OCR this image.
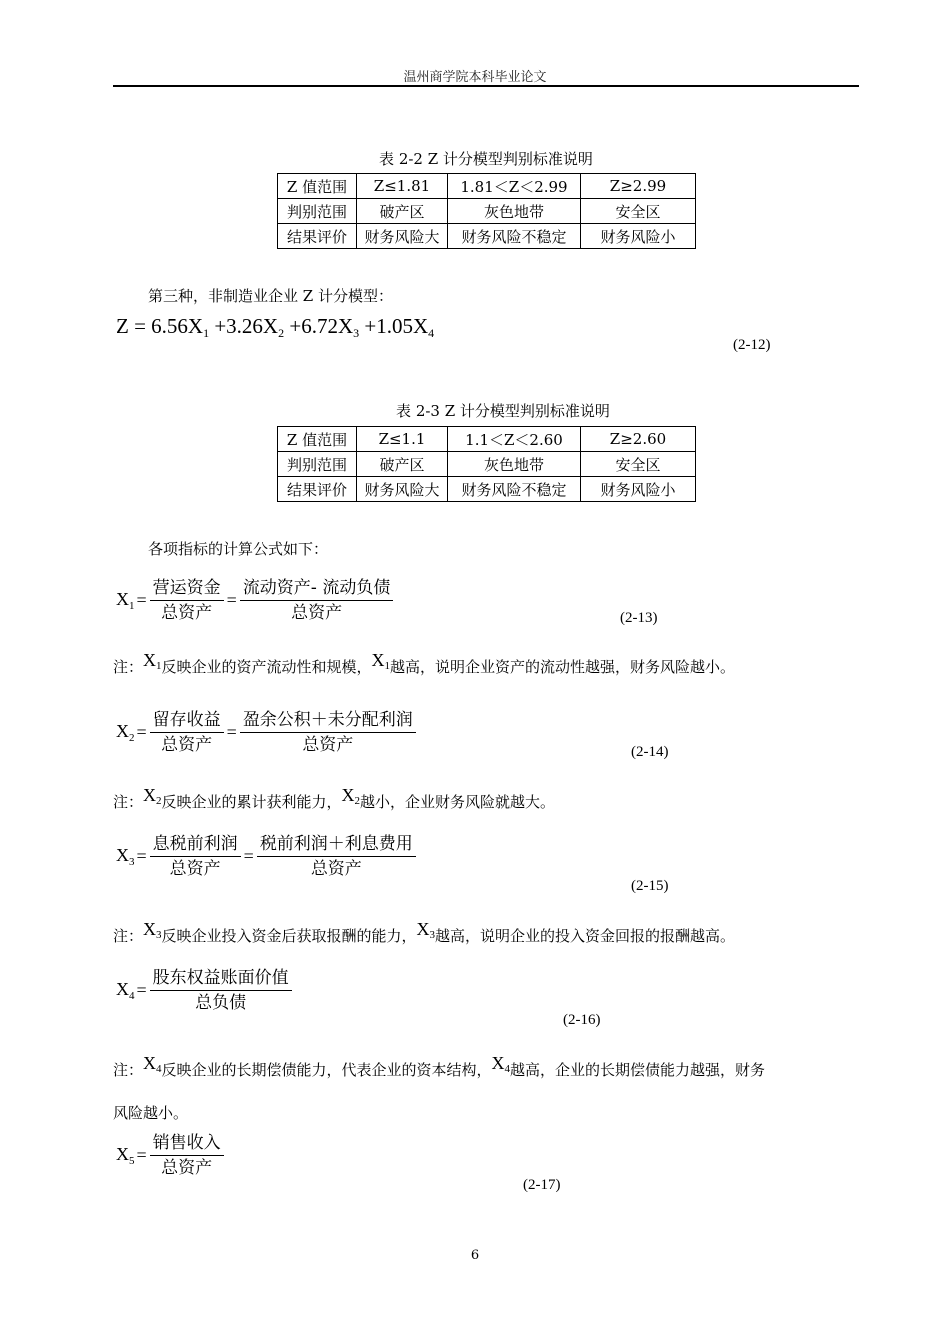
温州商学院本科毕业论文
表 2-2 Z 计分模型判别标准说明
Z 值范围	Z≤1.81	1.81＜Z＜2.99	Z≥2.99
判别范围	破产区	灰色地带	安全区
结果评价	财务风险大	财务风险不稳定	财务风险小
第三种，非制造业企业 Z 计分模型：
$Z = 6.56X_1 +3.26X_2 +6.72X_3 +1.05X_4$
(2-12)
表 2-3 Z 计分模型判别标准说明
Z 值范围	Z≤1.1	1.1＜Z＜2.60	Z≥2.60
判别范围	破产区	灰色地带	安全区
结果评价	财务风险大	财务风险不稳定	财务风险小
各项指标的计算公式如下：
$X_1 = \frac{\text{营运资金}}{\text{总资产}} = \frac{\text{流动资产- 流动负债}}{\text{总资产}}$	(2-13)
注：$X_1$反映企业的资产流动性和规模，$X_1$越高，说明企业资产的流动性越强，财务风险越小。
$X_2 = \frac{\text{留存收益}}{\text{总资产}} = \frac{\text{盈余公积＋未分配利润}}{\text{总资产}}$	(2-14)
注：$X_2$反映企业的累计获利能力，$X_2$越小，企业财务风险就越大。
$X_3 = \frac{\text{息税前利润}}{\text{总资产}} = \frac{\text{税前利润＋利息费用}}{\text{总资产}}$
(2-15)
注：$X_3$反映企业投入资金后获取报酬的能力，$X_3$越高，说明企业的投入资金回报的报酬越高。
$X_4 = \frac{\text{股东权益账面价值}}{\text{总负债}}$
(2-16)
注：$X_4$反映企业的长期偿债能力，代表企业的资本结构，$X_4$越高，企业的长期偿债能力越强，财务
风险越小。
$X_5 = \frac{\text{销售收入}}{\text{总资产}}$
(2-17)
6
